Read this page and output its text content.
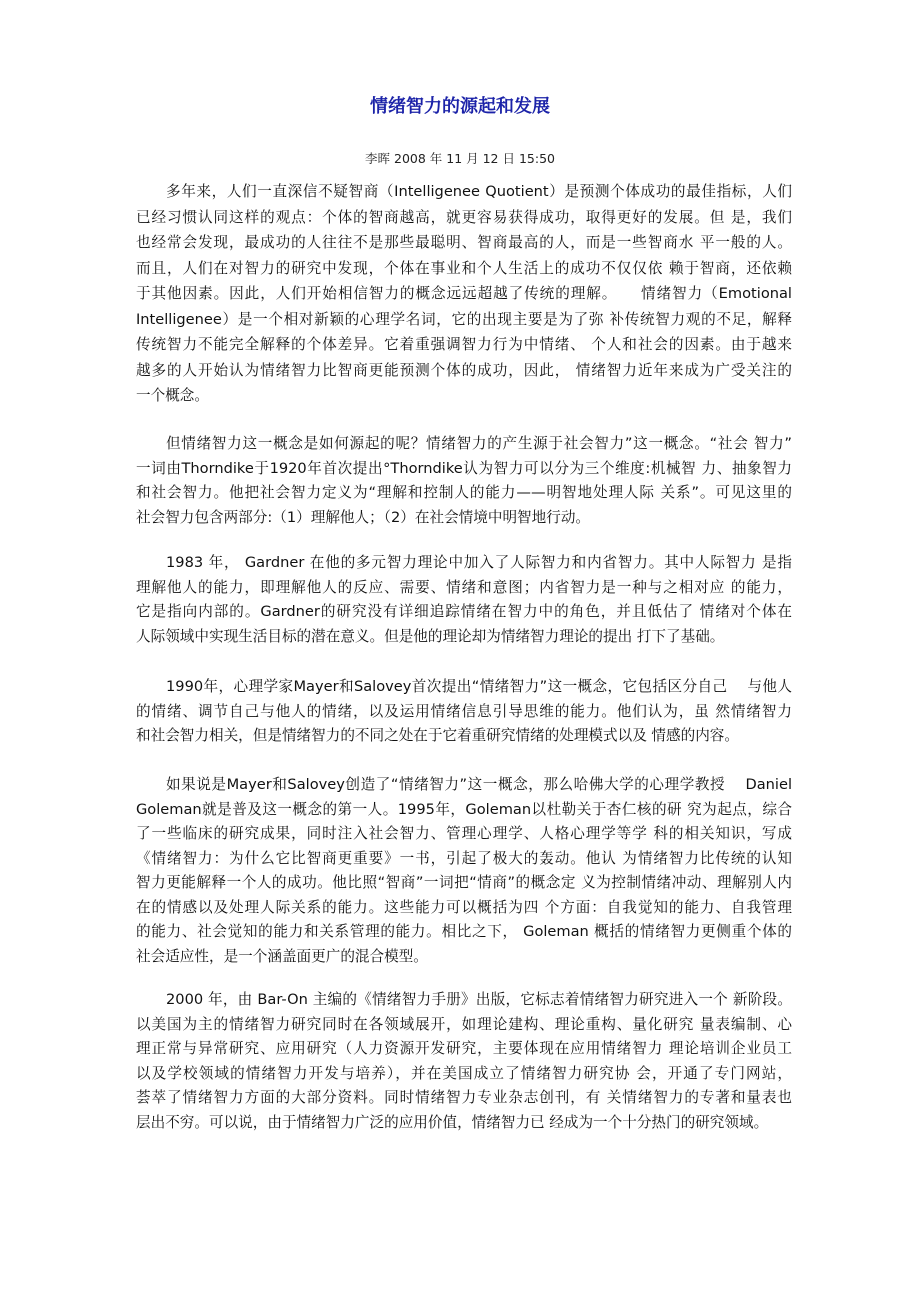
情绪智力的源起和发展
李晖 2008 年 11 月 12 日 15:50
多年来，人们一直深信不疑智商（Intelligenee Quotient）是预测个体成功的最佳指标，人们
已经习惯认同这样的观点：个体的智商越高，就更容易获得成功，取得更好的发展。但 是，我们
也经常会发现，最成功的人往往不是那些最聪明、智商最高的人，而是一些智商水 平一般的人。
而且，人们在对智力的研究中发现，个体在事业和个人生活上的成功不仅仅依 赖于智商，还依赖
于其他因素。因此，人们开始相信智力的概念远远超越了传统的理解。　　情绪智力（Emotional
Intelligenee）是一个相对新颖的心理学名词，它的出现主要是为了弥 补传统智力观的不足，解释
传统智力不能完全解释的个体差异。它着重强调智力行为中情绪、 个人和社会的因素。由于越来
越多的人开始认为情绪智力比智商更能预测个体的成功，因此， 情绪智力近年来成为广受关注的
一个概念。
但情绪智力这一概念是如何源起的呢？情绪智力的产生源于社会智力”这一概念。“社会 智力”
一词由Thorndike于1920年首次提出°Thorndike认为智力可以分为三个维度:机械智 力、抽象智力
和社会智力。他把社会智力定义为“理解和控制人的能力——明智地处理人际 关系”。可见这里的
社会智力包含两部分:（1）理解他人；（2）在社会情境中明智地行动。
1983 年， Gardner 在他的多元智力理论中加入了人际智力和内省智力。其中人际智力 是指
理解他人的能力，即理解他人的反应、需要、情绪和意图；内省智力是一种与之相对应 的能力，
它是指向内部的。Gardner的研究没有详细追踪情绪在智力中的角色，并且低估了 情绪对个体在
人际领域中实现生活目标的潜在意义。但是他的理论却为情绪智力理论的提出 打下了基础。
1990年，心理学家Mayer和Salovey首次提出“情绪智力”这一概念，它包括区分自己　 与他人
的情绪、调节自己与他人的情绪，以及运用情绪信息引导思维的能力。他们认为，虽 然情绪智力
和社会智力相关，但是情绪智力的不同之处在于它着重研究情绪的处理模式以及 情感的内容。
如果说是Mayer和Salovey创造了“情绪智力”这一概念，那么哈佛大学的心理学教授　 Daniel
Goleman就是普及这一概念的第一人。1995年，Goleman以杜勒关于杏仁核的研 究为起点，综合
了一些临床的研究成果，同时注入社会智力、管理心理学、人格心理学等学 科的相关知识，写成
《情绪智力：为什么它比智商更重要》一书，引起了极大的轰动。他认 为情绪智力比传统的认知
智力更能解释一个人的成功。他比照“智商”一词把“情商”的概念定 义为控制情绪冲动、理解别人内
在的情感以及处理人际关系的能力。这些能力可以概括为四 个方面：自我觉知的能力、自我管理
的能力、社会觉知的能力和关系管理的能力。相比之下， Goleman 概括的情绪智力更侧重个体的
社会适应性，是一个涵盖面更广的混合模型。
2000 年，由 Bar-On 主编的《情绪智力手册》出版，它标志着情绪智力研究进入一个 新阶段。
以美国为主的情绪智力研究同时在各领域展开，如理论建构、理论重构、量化研究 量表编制、心
理正常与异常研究、应用研究（人力资源开发研究，主要体现在应用情绪智力 理论培训企业员工
以及学校领域的情绪智力开发与培养），并在美国成立了情绪智力研究协 会，开通了专门网站，
荟萃了情绪智力方面的大部分资料。同时情绪智力专业杂志创刊，有 关情绪智力的专著和量表也
层出不穷。可以说，由于情绪智力广泛的应用价值，情绪智力已 经成为一个十分热门的研究领域。
